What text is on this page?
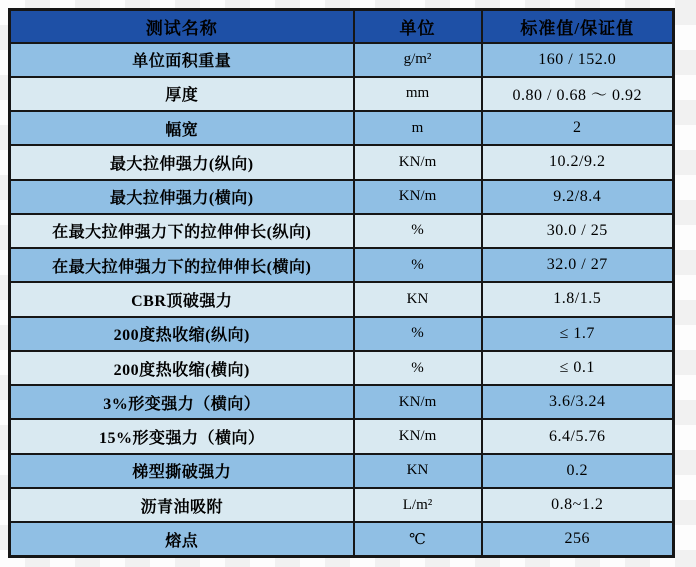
测试名称	单位	标准值/保证值
单位面积重量	g/m²	160 / 152.0
厚度	mm	0.80 / 0.68 ～ 0.92
幅宽	m	2
最大拉伸强力(纵向)	KN/m	10.2/9.2
最大拉伸强力(横向)	KN/m	9.2/8.4
在最大拉伸强力下的拉伸伸长(纵向)	%	30.0 / 25
在最大拉伸强力下的拉伸伸长(横向)	%	32.0 / 27
CBR顶破强力	KN	1.8/1.5
200度热收缩(纵向)	%	≤ 1.7
200度热收缩(横向)	%	≤ 0.1
3%形变强力（横向）	KN/m	3.6/3.24
15%形变强力（横向）	KN/m	6.4/5.76
梯型撕破强力	KN	0.2
沥青油吸附	L/m²	0.8~1.2
熔点	℃	256
